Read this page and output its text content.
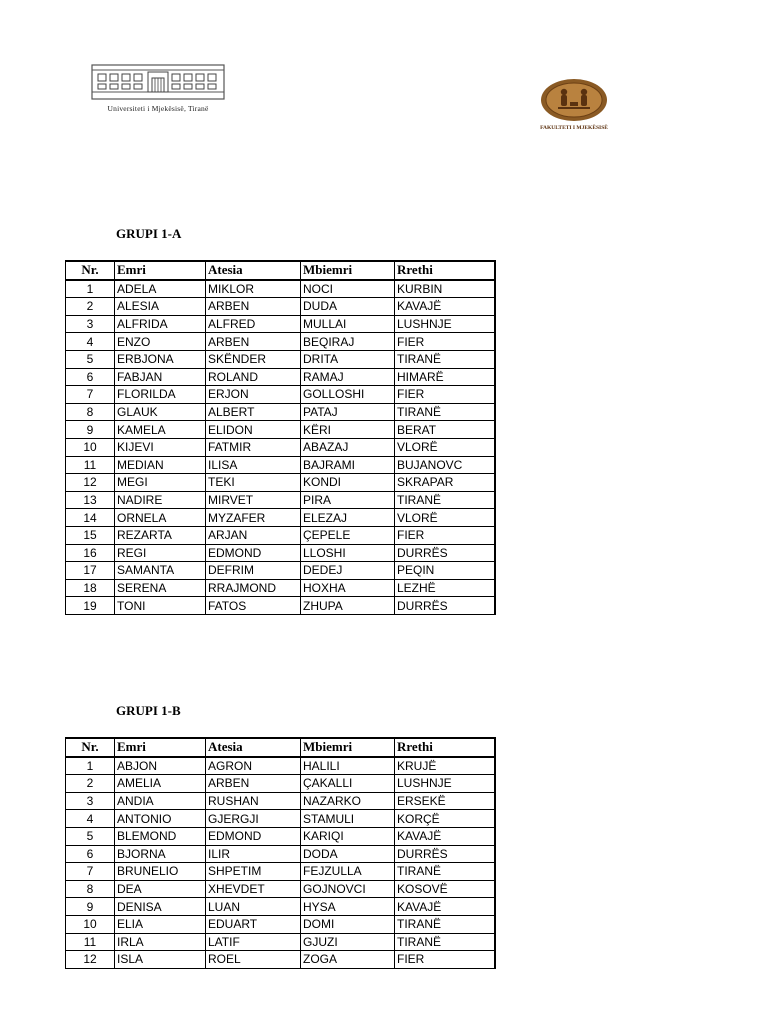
Universiteti i Mjekësisë, Tiranë
FAKULTETI I MJEKËSISË
GRUPI 1-A
Nr.	Emri	Atesia	Mbiemri	Rrethi
1	ADELA	MIKLOR	NOCI	KURBIN
2	ALESIA	ARBEN	DUDA	KAVAJË
3	ALFRIDA	ALFRED	MULLAI	LUSHNJE
4	ENZO	ARBEN	BEQIRAJ	FIER
5	ERBJONA	SKËNDER	DRITA	TIRANË
6	FABJAN	ROLAND	RAMAJ	HIMARË
7	FLORILDA	ERJON	GOLLOSHI	FIER
8	GLAUK	ALBERT	PATAJ	TIRANË
9	KAMELA	ELIDON	KËRI	BERAT
10	KIJEVI	FATMIR	ABAZAJ	VLORË
11	MEDIAN	ILISA	BAJRAMI	BUJANOVC
12	MEGI	TEKI	KONDI	SKRAPAR
13	NADIRE	MIRVET	PIRA	TIRANË
14	ORNELA	MYZAFER	ELEZAJ	VLORË
15	REZARTA	ARJAN	ÇEPELE	FIER
16	REGI	EDMOND	LLOSHI	DURRËS
17	SAMANTA	DEFRIM	DEDEJ	PEQIN
18	SERENA	RRAJMOND	HOXHA	LEZHË
19	TONI	FATOS	ZHUPA	DURRËS
GRUPI 1-B
Nr.	Emri	Atesia	Mbiemri	Rrethi
1	ABJON	AGRON	HALILI	KRUJË
2	AMELIA	ARBEN	ÇAKALLI	LUSHNJE
3	ANDIA	RUSHAN	NAZARKO	ERSEKË
4	ANTONIO	GJERGJI	STAMULI	KORÇË
5	BLEMOND	EDMOND	KARIQI	KAVAJË
6	BJORNA	ILIR	DODA	DURRËS
7	BRUNELIO	SHPETIM	FEJZULLA	TIRANË
8	DEA	XHEVDET	GOJNOVCI	KOSOVË
9	DENISA	LUAN	HYSA	KAVAJË
10	ELIA	EDUART	DOMI	TIRANË
11	IRLA	LATIF	GJUZI	TIRANË
12	ISLA	ROEL	ZOGA	FIER
